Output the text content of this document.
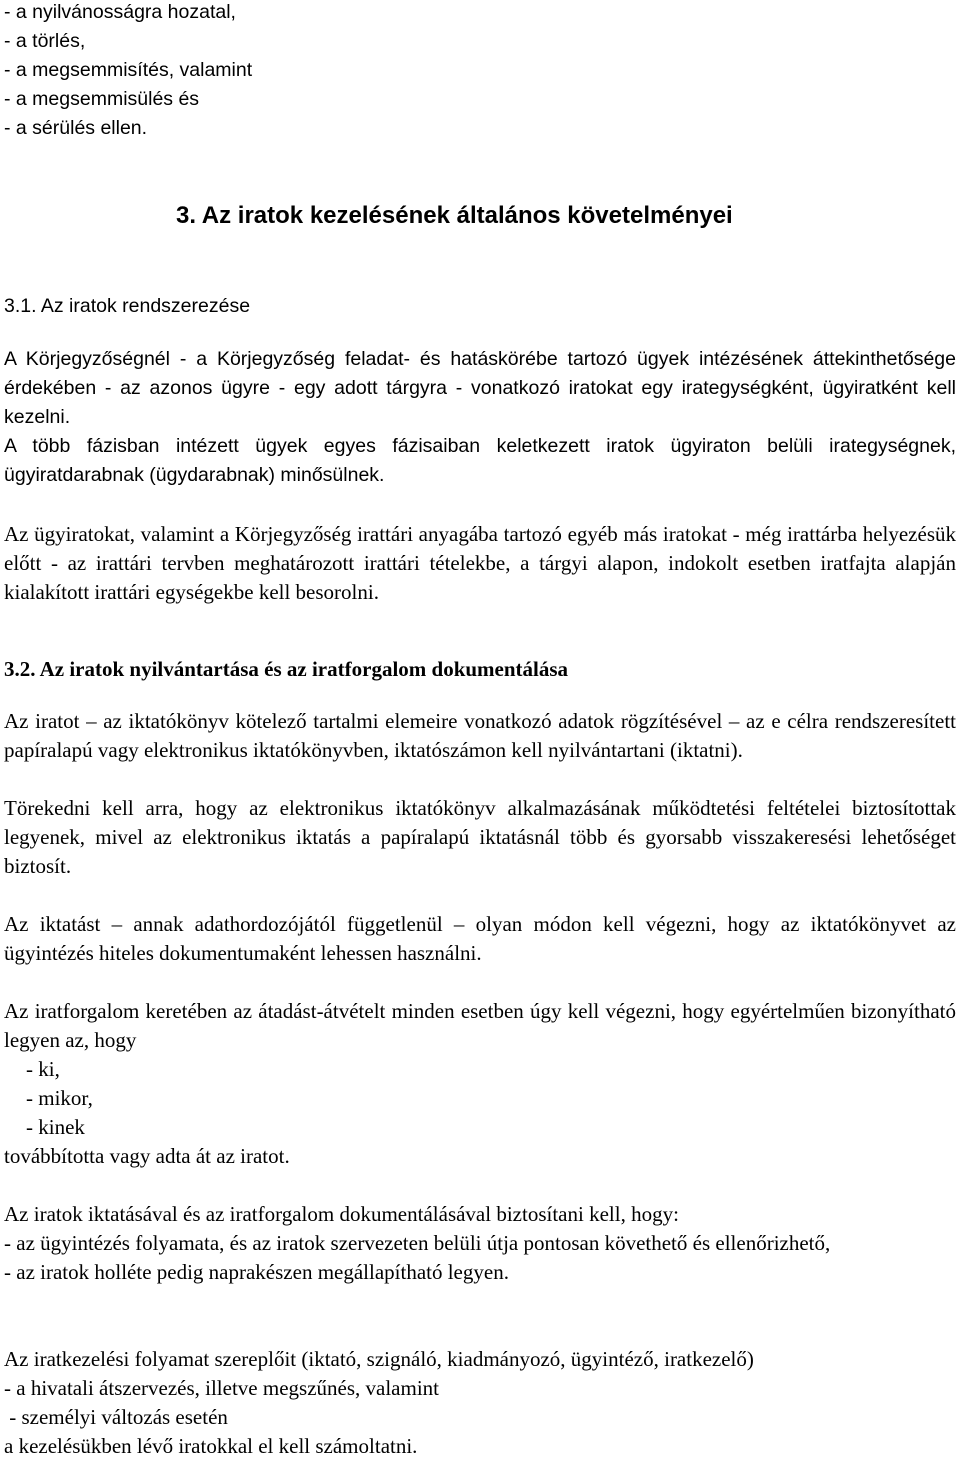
- a nyilvánosságra hozatal,
- a törlés,
- a megsemmisítés, valamint
- a megsemmisülés és
- a sérülés ellen.
3. Az iratok kezelésének általános követelményei
3.1. Az iratok rendszerezése

A Körjegyzőségnél - a Körjegyzőség feladat- és hatáskörébe tartozó ügyek intézésének áttekinthetősége érdekében - az azonos ügyre - egy adott tárgyra - vonatkozó iratokat egy irategységként, ügyiratként kell kezelni.

A több fázisban intézett ügyek egyes fázisaiban keletkezett iratok ügyiraton belüli irategységnek, ügyiratdarabnak (ügydarabnak) minősülnek.

Az ügyiratokat, valamint a Körjegyzőség irattári anyagába tartozó egyéb más iratokat - még irattárba helyezésük előtt - az irattári tervben meghatározott irattári tételekbe, a tárgyi alapon, indokolt esetben iratfajta alapján kialakított irattári egységekbe kell besorolni.

3.2. Az iratok nyilvántartása és az iratforgalom dokumentálása

Az iratot – az iktatókönyv kötelező tartalmi elemeire vonatkozó adatok rögzítésével – az e célra rendszeresített papíralapú vagy elektronikus iktatókönyvben, iktatószámon kell nyilvántartani (iktatni).

Törekedni kell arra, hogy az elektronikus iktatókönyv alkalmazásának működtetési feltételei biztosítottak legyenek, mivel az elektronikus iktatás a papíralapú iktatásnál több és gyorsabb visszakeresési lehetőséget biztosít.

Az iktatást – annak adathordozójától függetlenül – olyan módon kell végezni, hogy az iktatókönyvet az ügyintézés hiteles dokumentumaként lehessen használni.

Az iratforgalom keretében az átadást-átvételt minden esetben úgy kell végezni, hogy egyértelműen bizonyítható legyen az, hogy
- ki,
- mikor,
- kinek
továbbította vagy adta át az iratot.
Az iratok iktatásával és az iratforgalom dokumentálásával biztosítani kell, hogy:
- az ügyintézés folyamata, és az iratok szervezeten belüli útja pontosan követhető és ellenőrizhető,
- az iratok holléte pedig naprakészen megállapítható legyen.
Az iratkezelési folyamat szereplőit (iktató, szignáló, kiadmányozó, ügyintéző, iratkezelő)
- a hivatali átszervezés, illetve megszűnés, valamint
- személyi változás esetén
a kezelésükben lévő iratokkal el kell számoltatni.
